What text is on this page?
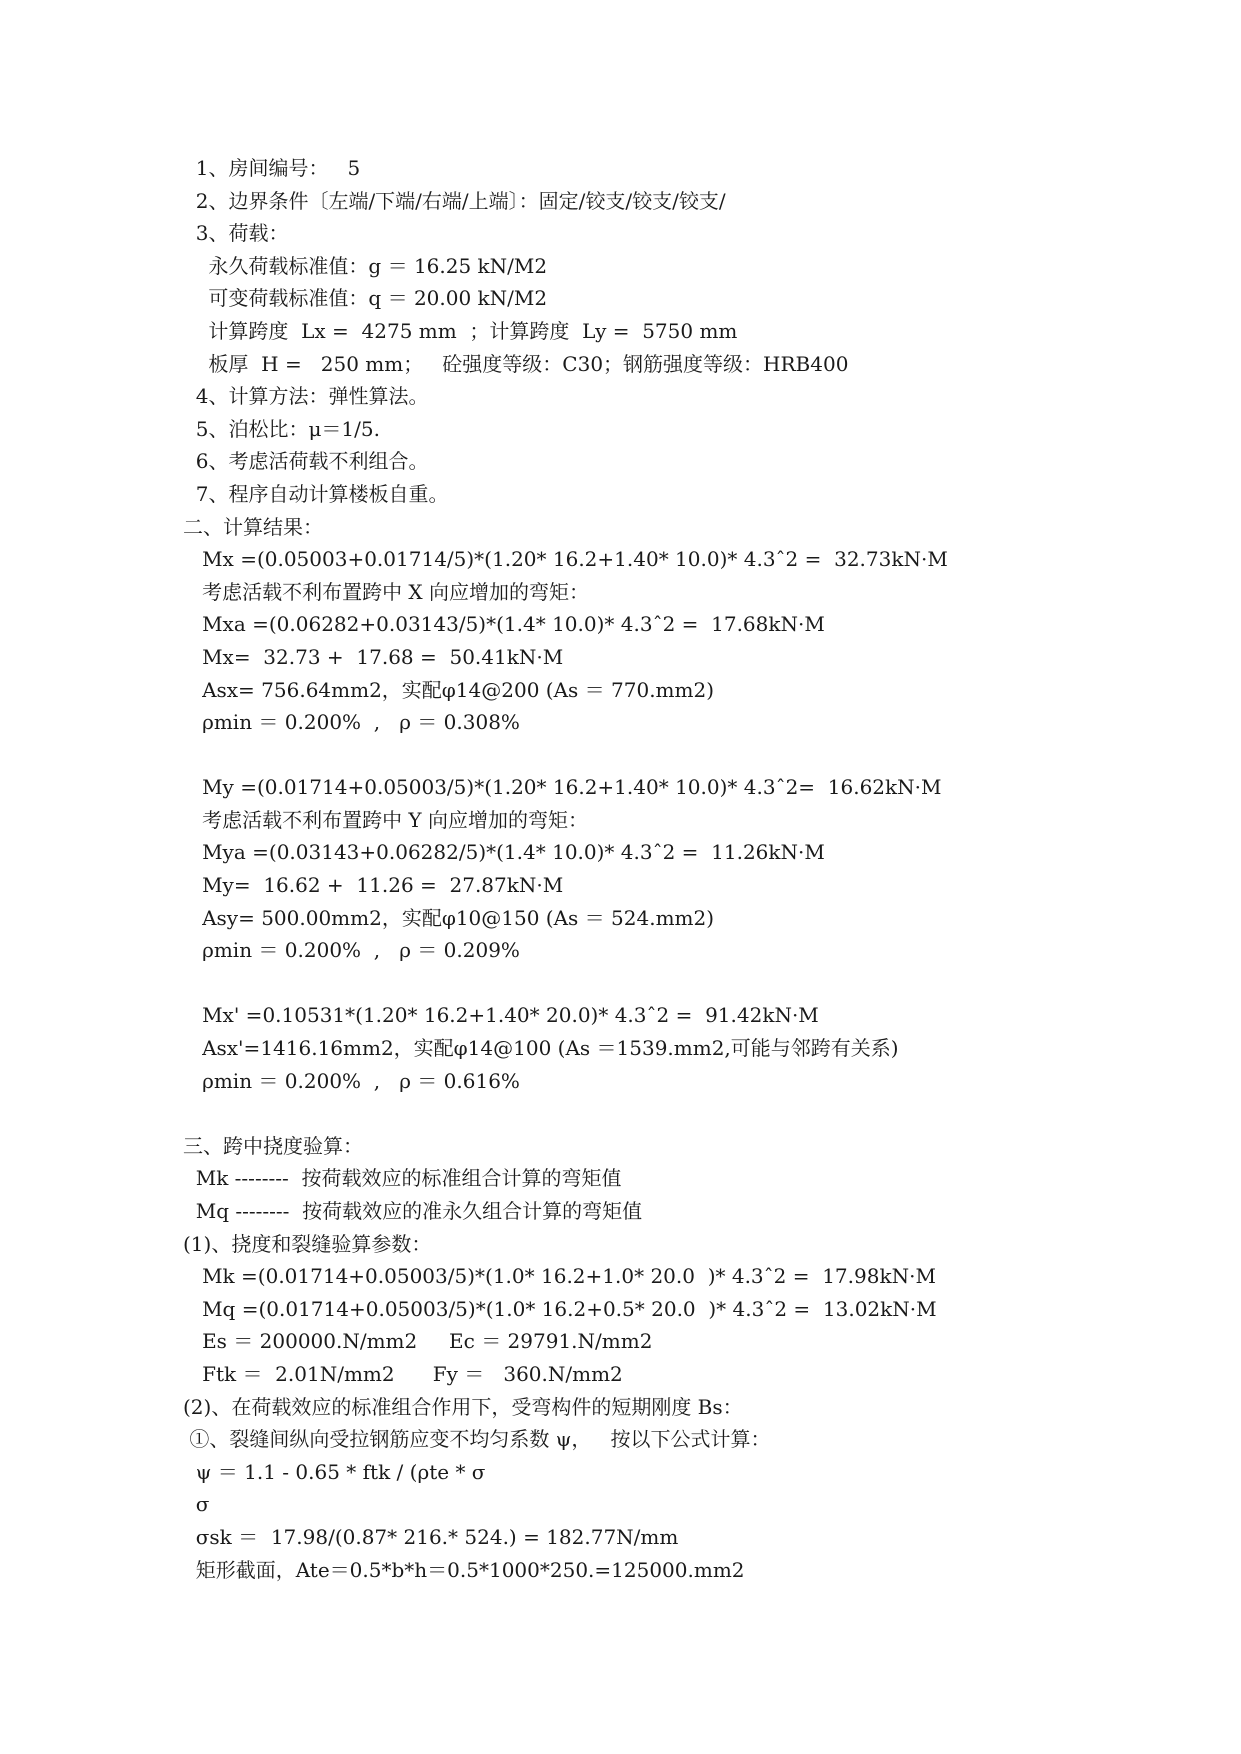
1、房间编号：   5
2、边界条件〔左端/下端/右端/上端〕：固定/铰支/铰支/铰支/
3、荷载：
永久荷载标准值：g ＝ 16.25 kN/M2
可变荷载标准值：q ＝ 20.00 kN/M2
计算跨度  Lx =  4275 mm  ；计算跨度  Ly =  5750 mm
板厚  H =   250 mm；   砼强度等级：C30；钢筋强度等级：HRB400
4、计算方法：弹性算法。
5、泊松比：μ＝1/5.
6、考虑活荷载不利组合。
7、程序自动计算楼板自重。
二、计算结果：
Mx =(0.05003+0.01714/5)*(1.20* 16.2+1.40* 10.0)* 4.3ˆ2 =  32.73kN·M
考虑活载不利布置跨中 X 向应增加的弯矩：
Mxa =(0.06282+0.03143/5)*(1.4* 10.0)* 4.3ˆ2 =  17.68kN·M
Mx=  32.73 +  17.68 =  50.41kN·M
Asx= 756.64mm2，实配φ14@200 (As ＝ 770.mm2)
ρmin ＝ 0.200%  ,   ρ ＝ 0.308%
My =(0.01714+0.05003/5)*(1.20* 16.2+1.40* 10.0)* 4.3ˆ2=  16.62kN·M
考虑活载不利布置跨中 Y 向应增加的弯矩：
Mya =(0.03143+0.06282/5)*(1.4* 10.0)* 4.3ˆ2 =  11.26kN·M
My=  16.62 +  11.26 =  27.87kN·M
Asy= 500.00mm2，实配φ10@150 (As ＝ 524.mm2)
ρmin ＝ 0.200%  ,   ρ ＝ 0.209%
Mx' =0.10531*(1.20* 16.2+1.40* 20.0)* 4.3ˆ2 =  91.42kN·M
Asx'=1416.16mm2，实配φ14@100 (As ＝1539.mm2,可能与邻跨有关系)
ρmin ＝ 0.200%  ,   ρ ＝ 0.616%
三、跨中挠度验算：
Mk --------  按荷载效应的标准组合计算的弯矩值
Mq --------  按荷载效应的准永久组合计算的弯矩值
(1)、挠度和裂缝验算参数：
Mk =(0.01714+0.05003/5)*(1.0* 16.2+1.0* 20.0  )* 4.3ˆ2 =  17.98kN·M
Mq =(0.01714+0.05003/5)*(1.0* 16.2+0.5* 20.0  )* 4.3ˆ2 =  13.02kN·M
Es ＝ 200000.N/mm2     Ec ＝ 29791.N/mm2
Ftk ＝  2.01N/mm2      Fy ＝   360.N/mm2
(2)、在荷载效应的标准组合作用下，受弯构件的短期刚度 Bs：
①、裂缝间纵向受拉钢筋应变不均匀系数 ψ，   按以下公式计算：
ψ ＝ 1.1 - 0.65 * ftk / (ρte * σ
σ
σsk ＝  17.98/(0.87* 216.* 524.) = 182.77N/mm
矩形截面，Ate＝0.5*b*h＝0.5*1000*250.=125000.mm2
